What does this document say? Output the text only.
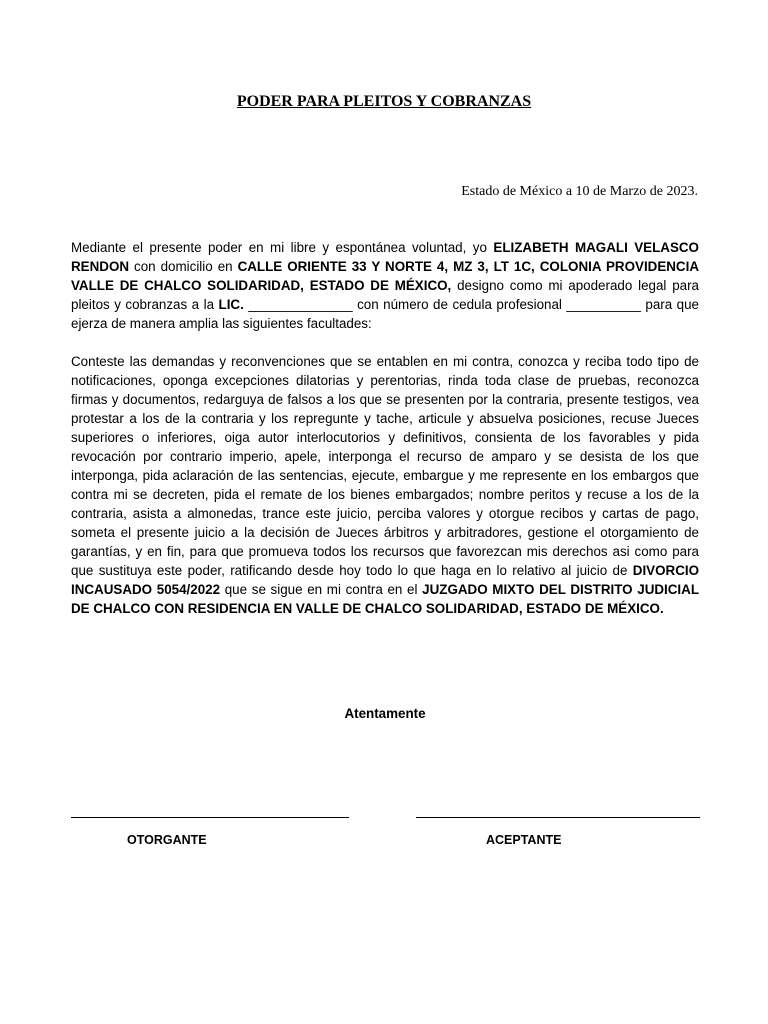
PODER PARA PLEITOS Y COBRANZAS
Estado de México a 10 de Marzo de 2023.

Mediante el presente poder en mi libre y espontánea voluntad, yo ELIZABETH MAGALI VELASCO RENDON con domicilio en CALLE ORIENTE 33 Y NORTE 4, MZ 3, LT 1C, COLONIA PROVIDENCIA VALLE DE CHALCO SOLIDARIDAD, ESTADO DE MÉXICO, designo como mi apoderado legal para pleitos y cobranzas a la LIC. ______________ con número de cedula profesional __________ para que ejerza de manera amplia las siguientes facultades:

Conteste las demandas y reconvenciones que se entablen en mi contra, conozca y reciba todo tipo de notificaciones, oponga excepciones dilatorias y perentorias, rinda toda clase de pruebas, reconozca firmas y documentos, redarguya de falsos a los que se presenten por la contraria, presente testigos, vea protestar a los de la contraria y los repregunte y tache, articule y absuelva posiciones, recuse Jueces superiores o inferiores, oiga autor interlocutorios y definitivos, consienta de los favorables y pida revocación por contrario imperio, apele, interponga el recurso de amparo y se desista de los que interponga, pida aclaración de las sentencias, ejecute, embargue y me represente en los embargos que contra mi se decreten, pida el remate de los bienes embargados; nombre peritos y recuse a los de la contraria, asista a almonedas, trance este juicio, perciba valores y otorgue recibos y cartas de pago, someta el presente juicio a la decisión de Jueces árbitros y arbitradores, gestione el otorgamiento de garantías, y en fin, para que promueva todos los recursos que favorezcan mis derechos asi como para que sustituya este poder, ratificando desde hoy todo lo que haga en lo relativo al juicio de DIVORCIO INCAUSADO 5054/2022 que se sigue en mi contra en el JUZGADO MIXTO DEL DISTRITO JUDICIAL DE CHALCO CON RESIDENCIA EN VALLE DE CHALCO SOLIDARIDAD, ESTADO DE MÉXICO.

Atentamente
OTORGANTE	ACEPTANTE
